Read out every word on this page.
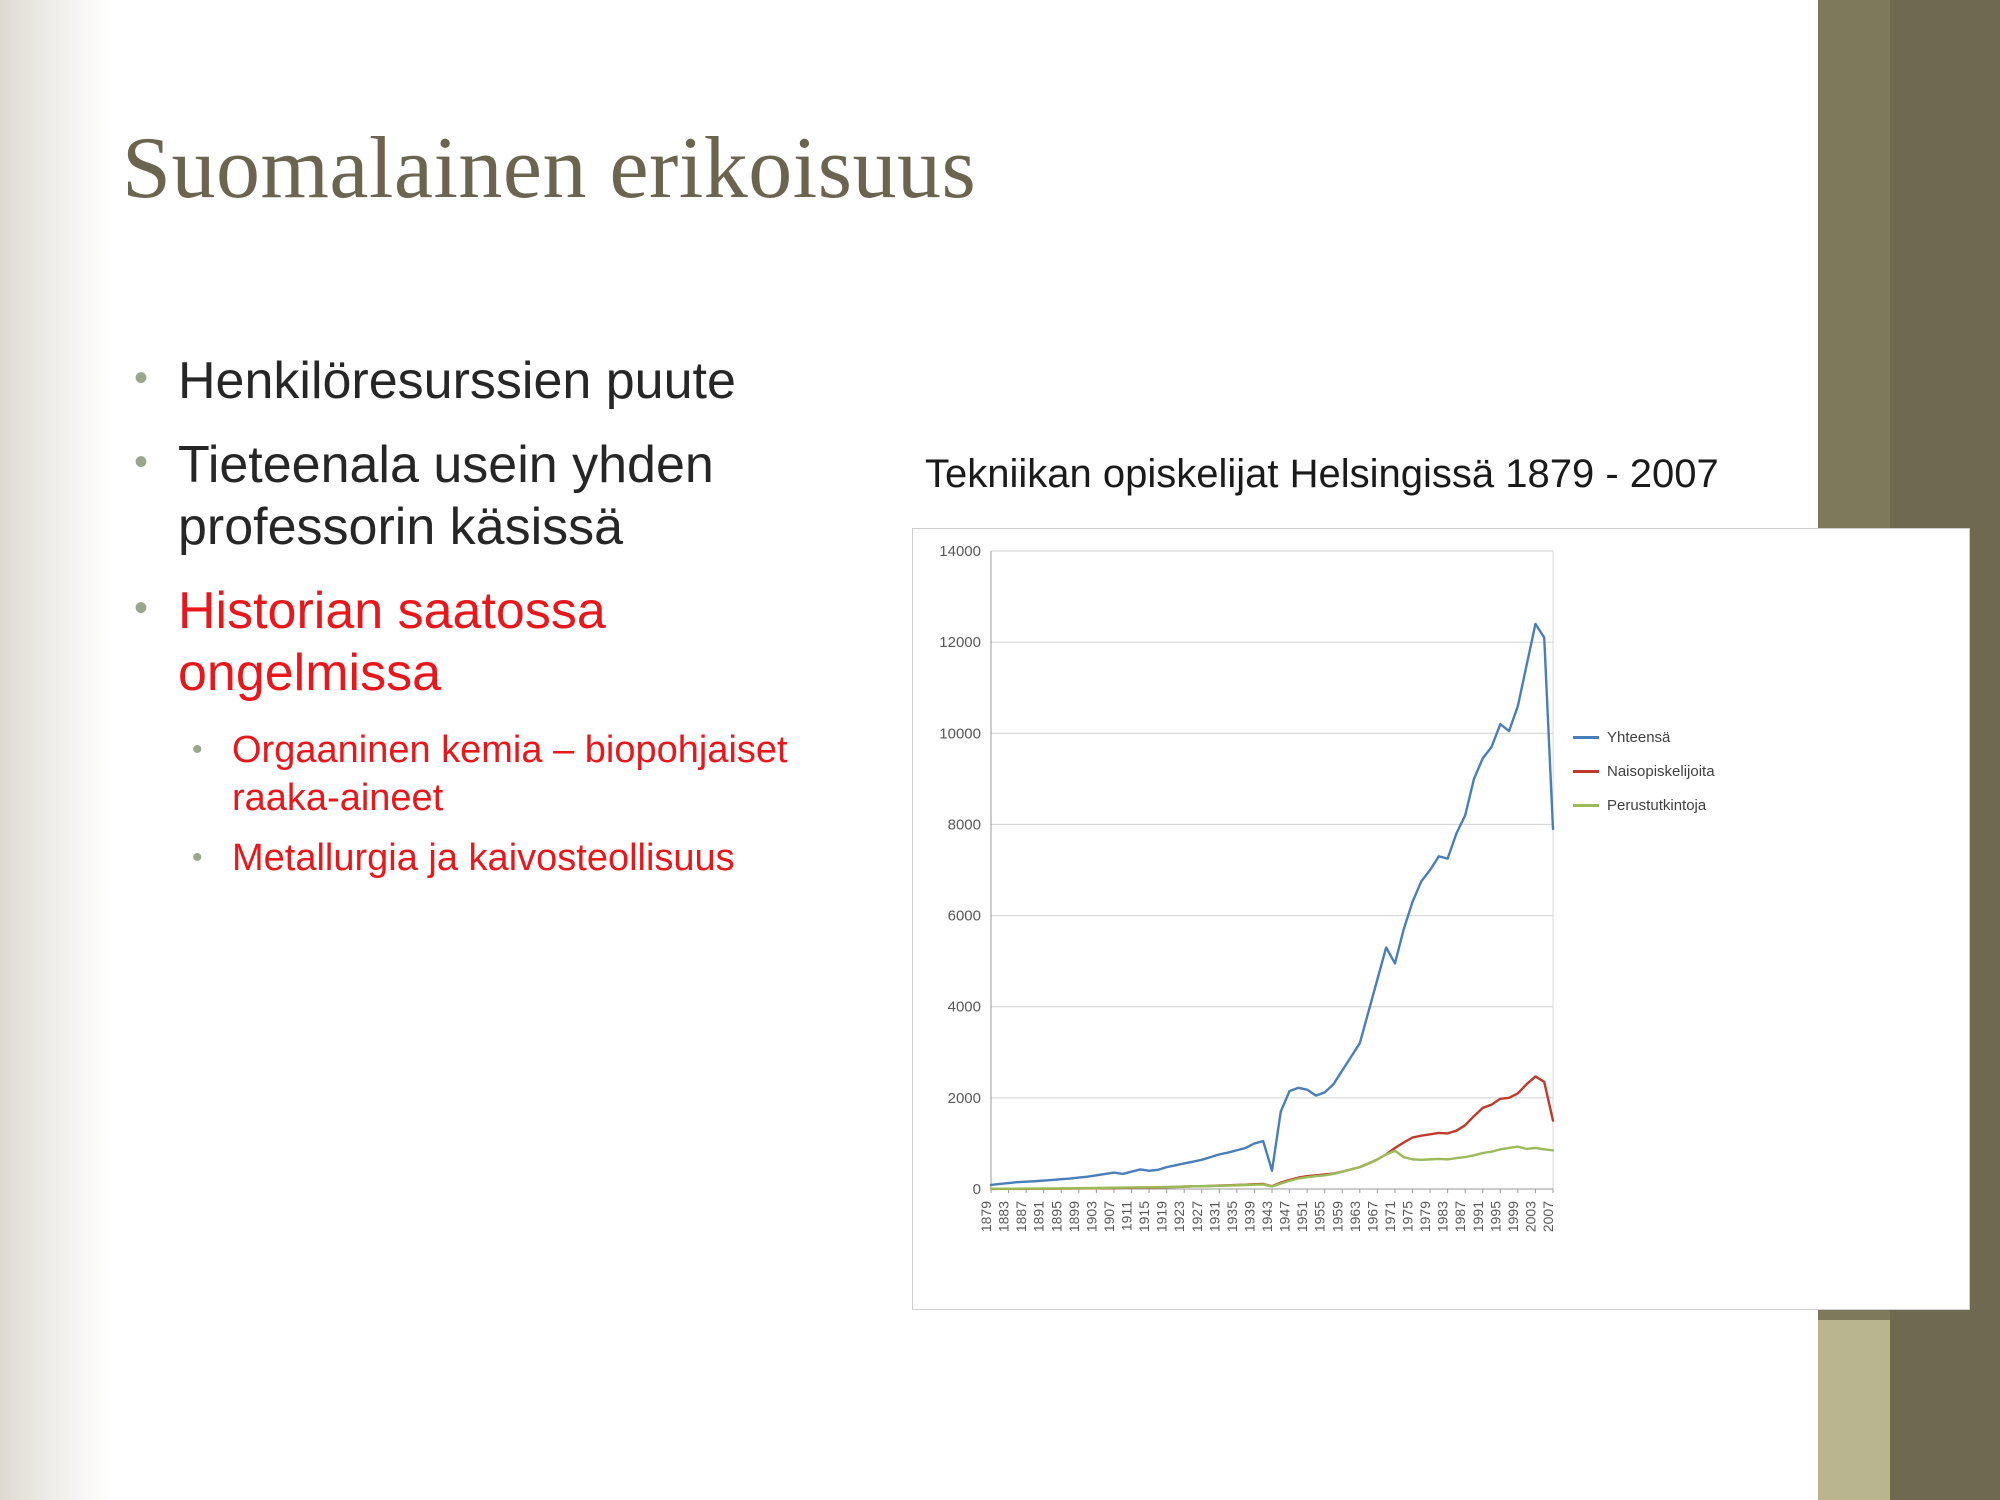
Suomalainen erikoisuus
• Henkilöresurssien puute
• Tieteenala usein yhden professorin käsissä
• Historian saatossa ongelmissa
• Orgaaninen kemia – biopohjaiset raaka-aineet
• Metallurgia ja kaivosteollisuus
Tekniikan opiskelijat Helsingissä 1879 - 2007
0
2000
4000
6000
8000
10000
12000
14000
1879 1883 1887 1891 1895 1899 1903 1907 1911 1915 1919 1923 1927 1931 1935 1939 1943 1947 1951 1955 1959 1963 1967 1971 1975 1979 1983 1987 1991 1995 1999 2003 2007
Yhteensä
Naisopiskelijoita
Perustutkintoja
